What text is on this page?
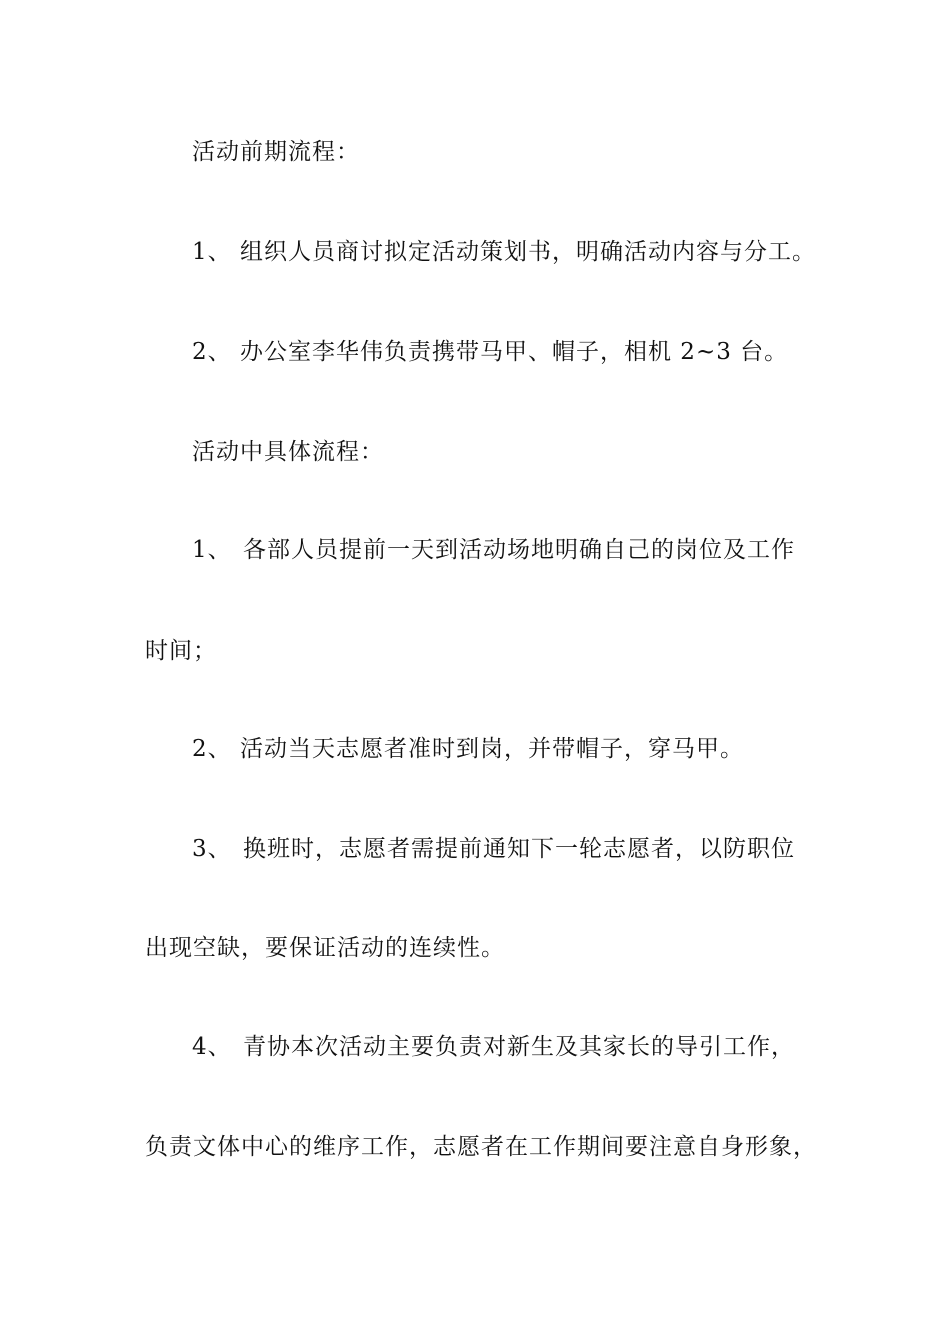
活动前期流程：
1、 组织人员商讨拟定活动策划书，明确活动内容与分工。
2、 办公室李华伟负责携带马甲、帽子，相机 2~3 台。
活动中具体流程：
1、 各部人员提前一天到活动场地明确自己的岗位及工作
时间；
2、 活动当天志愿者准时到岗，并带帽子，穿马甲。
3、 换班时，志愿者需提前通知下一轮志愿者，以防职位
出现空缺，要保证活动的连续性。
4、 青协本次活动主要负责对新生及其家长的导引工作，
负责文体中心的维序工作，志愿者在工作期间要注意自身形象，
